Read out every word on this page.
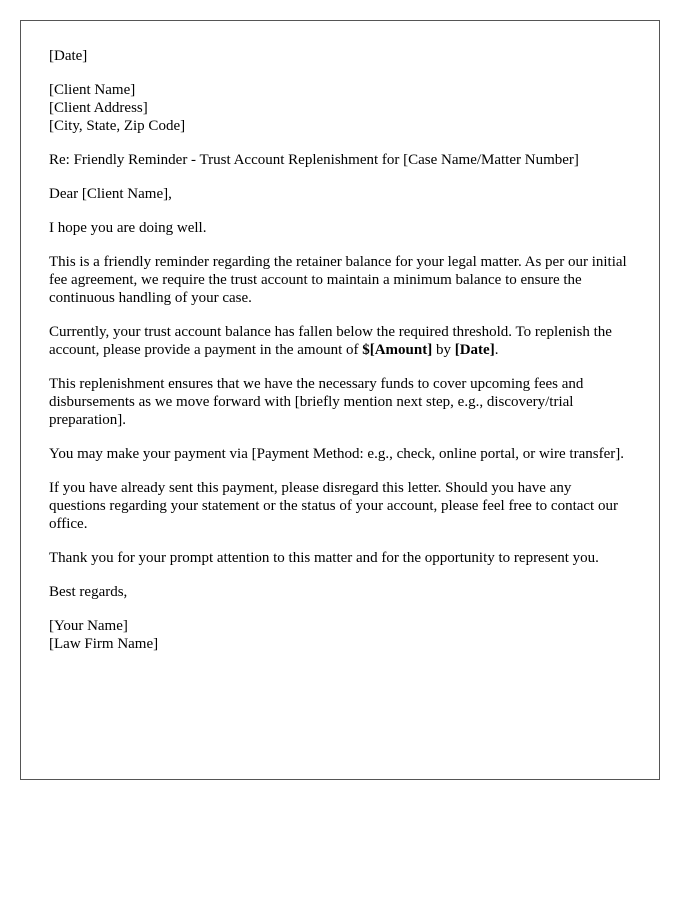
[Date]

[Client Name]
[Client Address]
[City, State, Zip Code]

Re: Friendly Reminder - Trust Account Replenishment for [Case Name/Matter Number]

Dear [Client Name],

I hope you are doing well.

This is a friendly reminder regarding the retainer balance for your legal matter. As per our initial fee agreement, we require the trust account to maintain a minimum balance to ensure the continuous handling of your case.

Currently, your trust account balance has fallen below the required threshold. To replenish the account, please provide a payment in the amount of $[Amount] by [Date].

This replenishment ensures that we have the necessary funds to cover upcoming fees and disbursements as we move forward with [briefly mention next step, e.g., discovery/trial preparation].

You may make your payment via [Payment Method: e.g., check, online portal, or wire transfer].

If you have already sent this payment, please disregard this letter. Should you have any questions regarding your statement or the status of your account, please feel free to contact our office.

Thank you for your prompt attention to this matter and for the opportunity to represent you.

Best regards,

[Your Name]
[Law Firm Name]
